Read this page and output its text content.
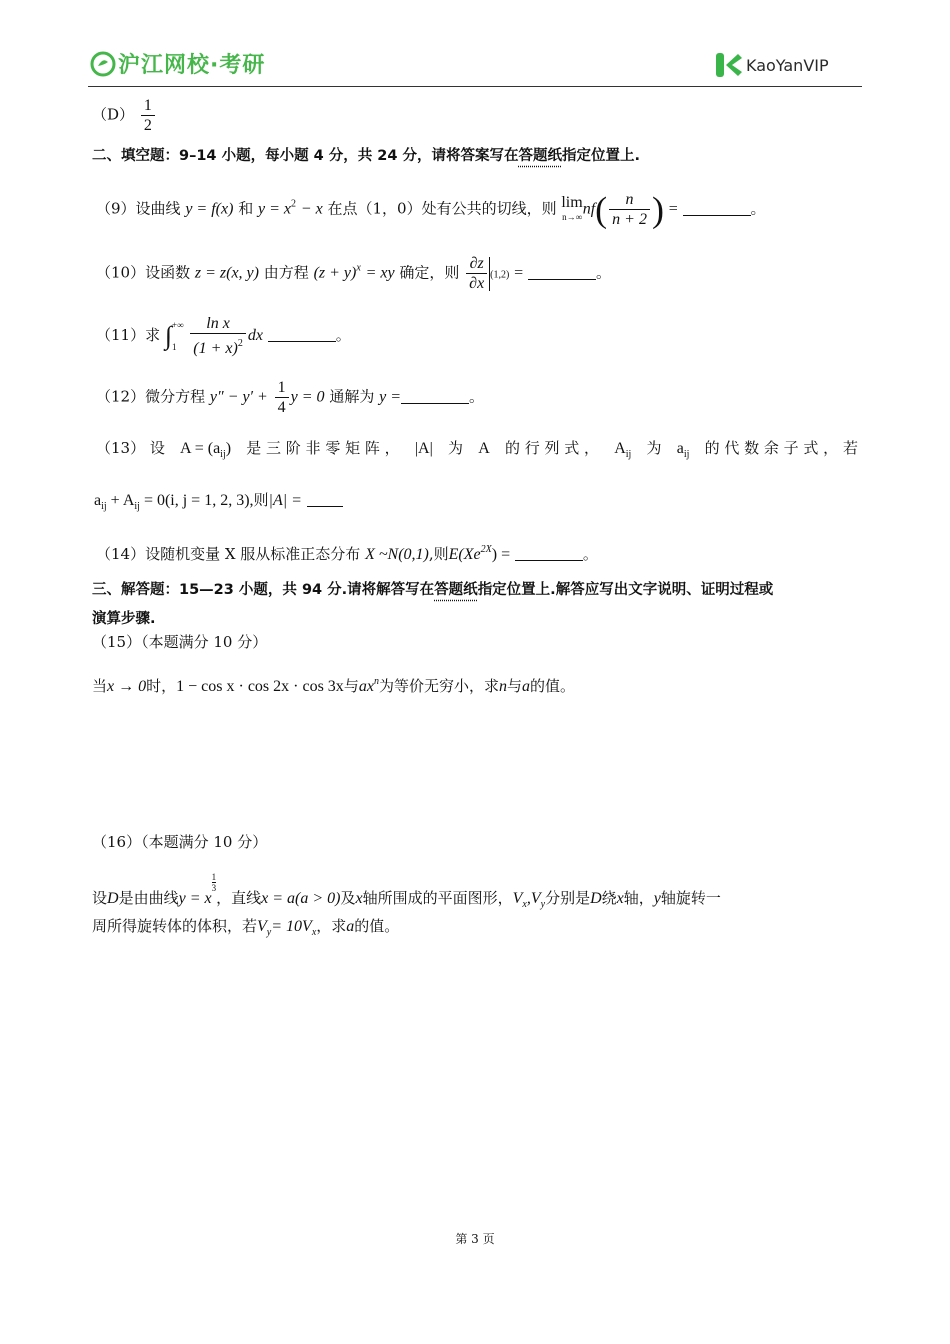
沪江网校·考研	KaoYanVIP
$(D) \frac{1}{2}$
二、填空题：9–14 小题，每小题 4 分，共 24 分，请将答案写在答题纸指定位置上.
（9）设曲线 y = f(x) 和 $y = x^2 - x$ 在点（1，0）处有公共的切线，则 lim
n→∞ $nf( \frac{n}{n + 2}$ ) =	。
（10）设函数 z = z(x, y) 由方程 $(z + y)^x$ = xy 确定，则 $\frac{\partial z}{\partial x} (1,2)$ =	。
（11）求 ∫ +∞
1
$\frac{\text{ln x}}{(1 + x)^2}$ dx	。
（12）微分方程 $y'' - y' + \frac{1}{4}$ y = 0 通解为 y =	。
（13） 设 $A = (a_{ij})$ 是 三 阶 非 零 矩 阵 ， |A| 为 A 的 行 列 式 ， $A_{ij}$ 为 $a_{ij}$ 的 代 数 余 子 式 ， 若
$a_{ij} + A_{ij} = 0(i$, j = 1, 2, 3),则|A| =
（14）设随机变量 X 服从标准正态分布 X ~N(0,1),则$E(Xe^{2X})$ =	。
三、解答题：15—23 小题，共 94 分.请将解答写在答题纸指定位置上.解答应写出文字说明、证明过程或
演算步骤.
（15）（本题满分 10 分）
当x → 0时，1 − cos x · cos 2x · cos 3x与$ax^n$为等价无穷小，求n与a的值。
（16）（本题满分 10 分）
设D是由曲线y = x
$\frac{1}{3}$
，直线x = a(a > 0)及x轴所围成的平面图形，$V_x,V_y$分别是D绕x轴，y轴旋转一
周所得旋转体的体积，若$V_y= 10V_x$，求a的值。
第 3 页
